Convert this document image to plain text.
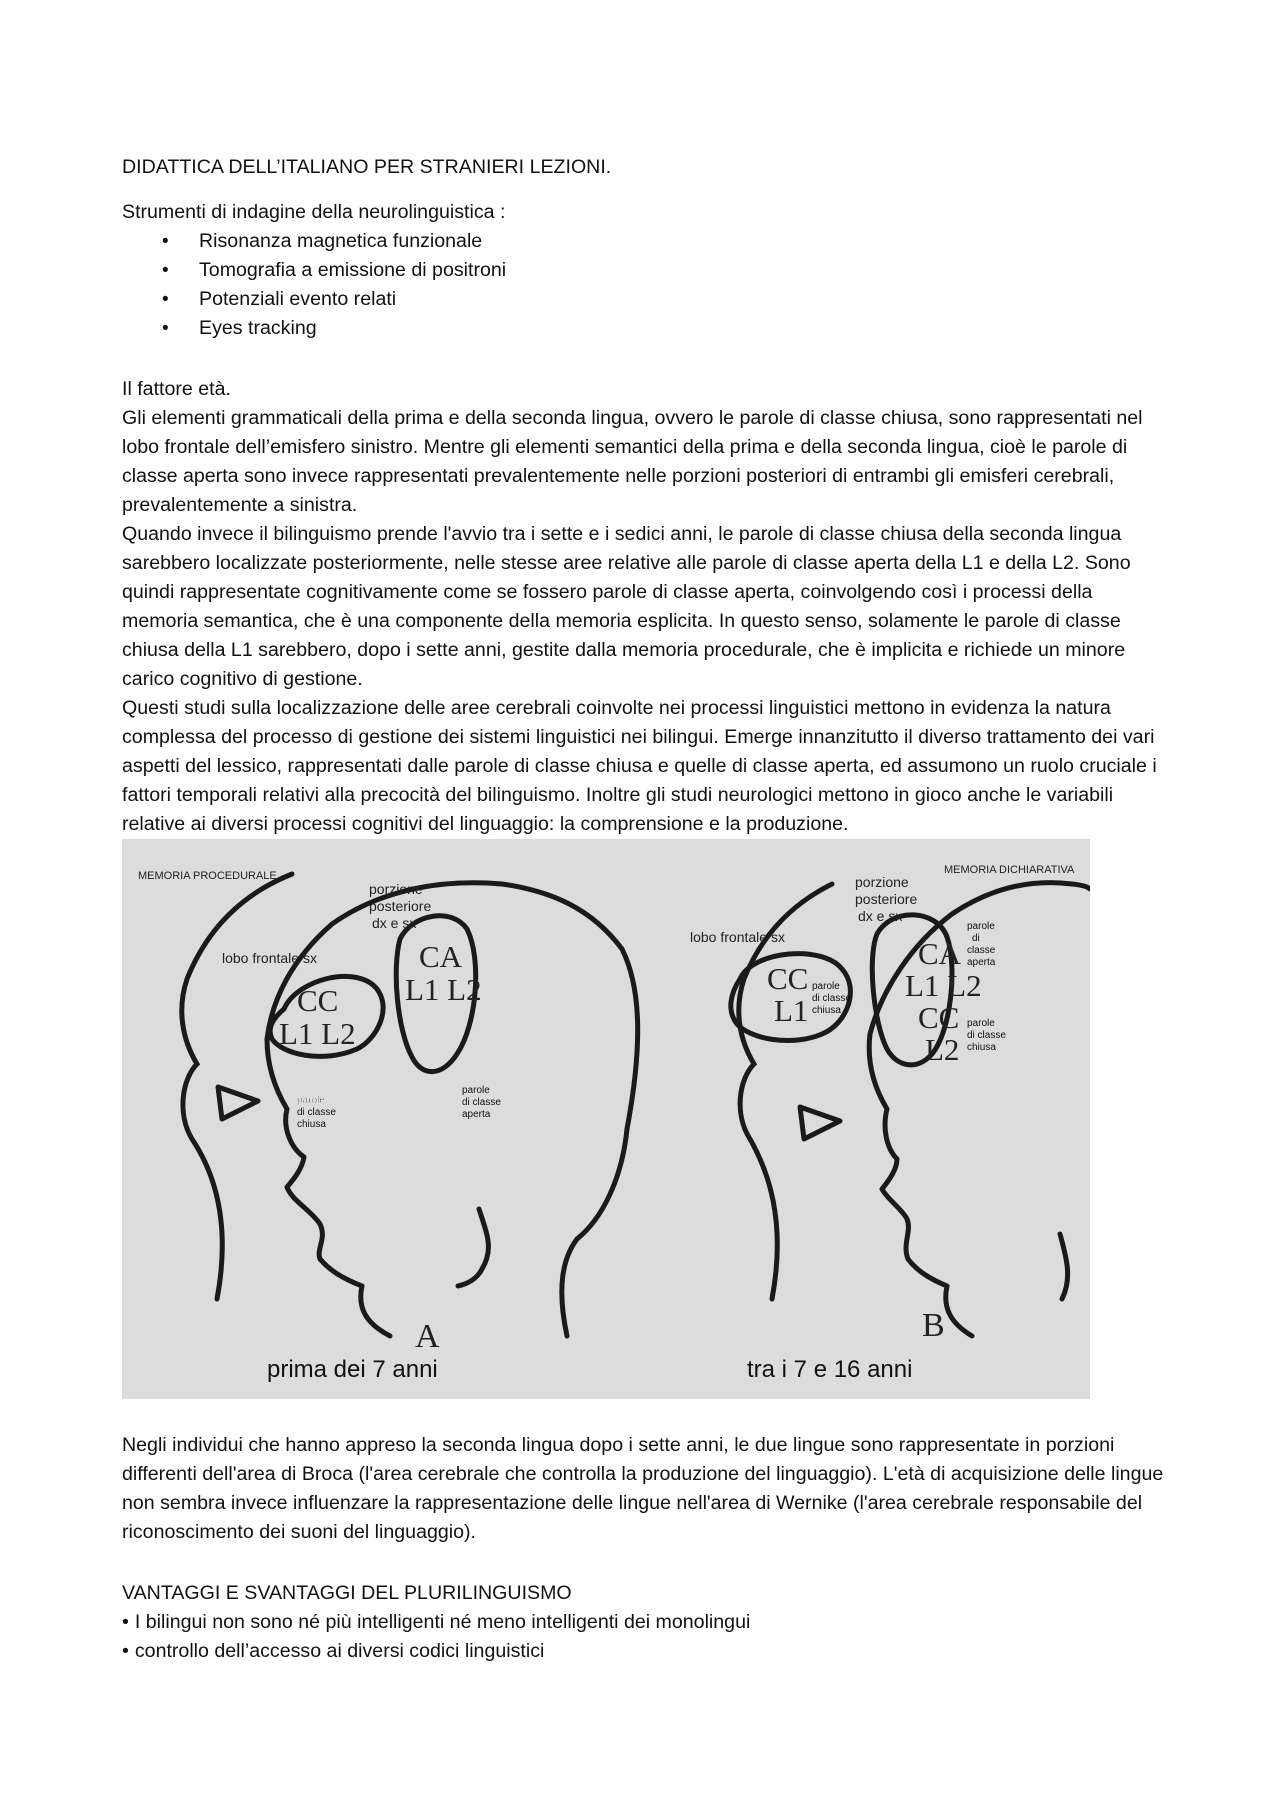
DIDATTICA DELL’ITALIANO PER STRANIERI LEZIONI.

Strumenti di indagine della neurolinguistica :

• Risonanza magnetica funzionale
• Tomografia a emissione di positroni
• Potenziali evento relati
• Eyes tracking

Il fattore età.

Gli elementi grammaticali della prima e della seconda lingua, ovvero le parole di classe chiusa, sono rappresentati nel lobo frontale dell’emisfero sinistro. Mentre gli elementi semantici della prima e della seconda lingua, cioè le parole di classe aperta sono invece rappresentati prevalentemente nelle porzioni posteriori di entrambi gli emisferi cerebrali, prevalentemente a sinistra.

Quando invece il bilinguismo prende l'avvio tra i sette e i sedici anni, le parole di classe chiusa della seconda lingua sarebbero localizzate posteriormente, nelle stesse aree relative alle parole di classe aperta della L1 e della L2. Sono quindi rappresentate cognitivamente come se fossero parole di classe aperta, coinvolgendo così i processi della memoria semantica, che è una componente della memoria esplicita. In questo senso, solamente le parole di classe chiusa della L1 sarebbero, dopo i sette anni, gestite dalla memoria procedurale, che è implicita e richiede un minore carico cognitivo di gestione.

Questi studi sulla localizzazione delle aree cerebrali coinvolte nei processi linguistici mettono in evidenza la natura complessa del processo di gestione dei sistemi linguistici nei bilingui. Emerge innanzitutto il diverso trattamento dei vari aspetti del lessico, rappresentati dalle parole di classe chiusa e quelle di classe aperta, ed assumono un ruolo cruciale i fattori temporali relativi alla precocità del bilinguismo. Inoltre gli studi neurologici mettono in gioco anche le variabili relative ai diversi processi cognitivi del linguaggio: la comprensione e la produzione.

MEMORIA PROCEDURALE
porzione
posteriore
dx e sx
lobo frontale sx
CC
L1 L2
CA
L1 L2
parole
di classe
chiusa
parole
di classe
aperta
A
prima dei 7 anni
MEMORIA DICHIARATIVA
porzione
posteriore
dx e sx
lobo frontale sx
CC
L1
parole
di classe
chiusa
CA
L1 L2
CC
L2
parole
di
classe
aperta
parole
di classe
chiusa
B
tra i 7 e 16 anni

Negli individui che hanno appreso la seconda lingua dopo i sette anni, le due lingue sono rappresentate in porzioni differenti dell'area di Broca (l'area cerebrale che controlla la produzione del linguaggio). L'età di acquisizione delle lingue non sembra invece influenzare la rappresentazione delle lingue nell'area di Wernike (l'area cerebrale responsabile del riconoscimento dei suoni del linguaggio).

VANTAGGI E SVANTAGGI DEL PLURILINGUISMO

• I bilingui non sono né più intelligenti né meno intelligenti dei monolingui

• controllo dell’accesso ai diversi codici linguistici
